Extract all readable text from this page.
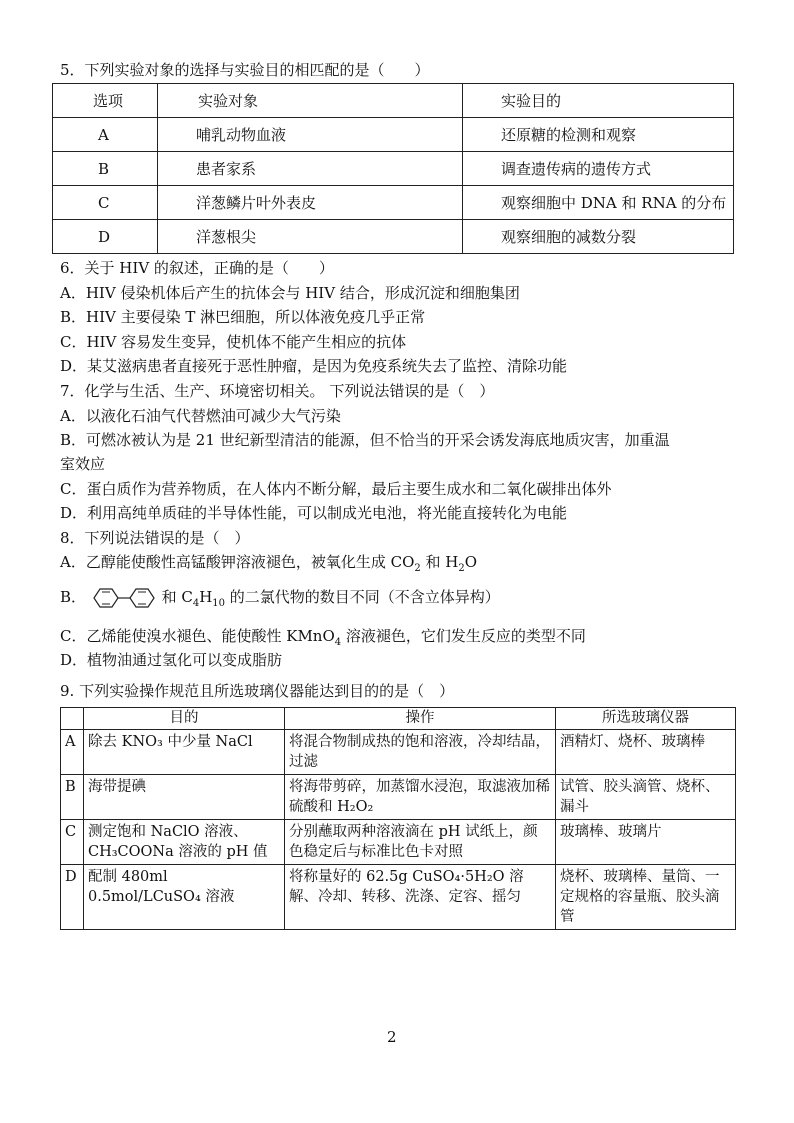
5．下列实验对象的选择与实验目的相匹配的是（　　）
选项	实验对象	实验目的
A	哺乳动物血液	还原糖的检测和观察
B	患者家系	调查遗传病的遗传方式
C	洋葱鳞片叶外表皮	观察细胞中 DNA 和 RNA 的分布
D	洋葱根尖	观察细胞的减数分裂
6．关于 HIV 的叙述，正确的是（　　）
A．HIV 侵染机体后产生的抗体会与 HIV 结合，形成沉淀和细胞集团
B．HIV 主要侵染 T 淋巴细胞，所以体液免疫几乎正常
C．HIV 容易发生变异，使机体不能产生相应的抗体
D．某艾滋病患者直接死于恶性肿瘤，是因为免疫系统失去了监控、清除功能
7．化学与生活、生产、环境密切相关。 下列说法错误的是（　）
A．以液化石油气代替燃油可减少大气污染
B．可燃冰被认为是 21 世纪新型清洁的能源，但不恰当的开采会诱发海底地质灾害，加重温
室效应
C．蛋白质作为营养物质，在人体内不断分解，最后主要生成水和二氧化碳排出体外
D．利用高纯单质硅的半导体性能，可以制成光电池，将光能直接转化为电能
8．下列说法错误的是（　）
A．乙醇能使酸性高锰酸钾溶液褪色，被氧化生成 $CO_2$ 和 $H_2O$
B．	和 $C_4H_{10}$ 的二氯代物的数目不同（不含立体异构）
C．乙烯能使溴水褪色、能使酸性 KMnO$_4$ 溶液褪色，它们发生反应的类型不同
D．植物油通过氢化可以变成脂肪
9. 下列实验操作规范且所选玻璃仪器能达到目的的是（　）
	目的	操作	所选玻璃仪器
A	除去 KNO₃ 中少量 NaCl	将混合物制成热的饱和溶液，冷却结晶，过滤	酒精灯、烧杯、玻璃棒
B	海带提碘	将海带剪碎，加蒸馏水浸泡，取滤液加稀硫酸和 H₂O₂	试管、胶头滴管、烧杯、漏斗
C	测定饱和 NaClO 溶液、CH₃COONa 溶液的 pH 值	分别蘸取两种溶液滴在 pH 试纸上，颜色稳定后与标准比色卡对照	玻璃棒、玻璃片
D	配制 480ml 0.5mol/LCuSO₄ 溶液	将称量好的 62.5g CuSO₄·5H₂O 溶解、冷却、转移、洗涤、定容、摇匀	烧杯、玻璃棒、量筒、一定规格的容量瓶、胶头滴管
2
